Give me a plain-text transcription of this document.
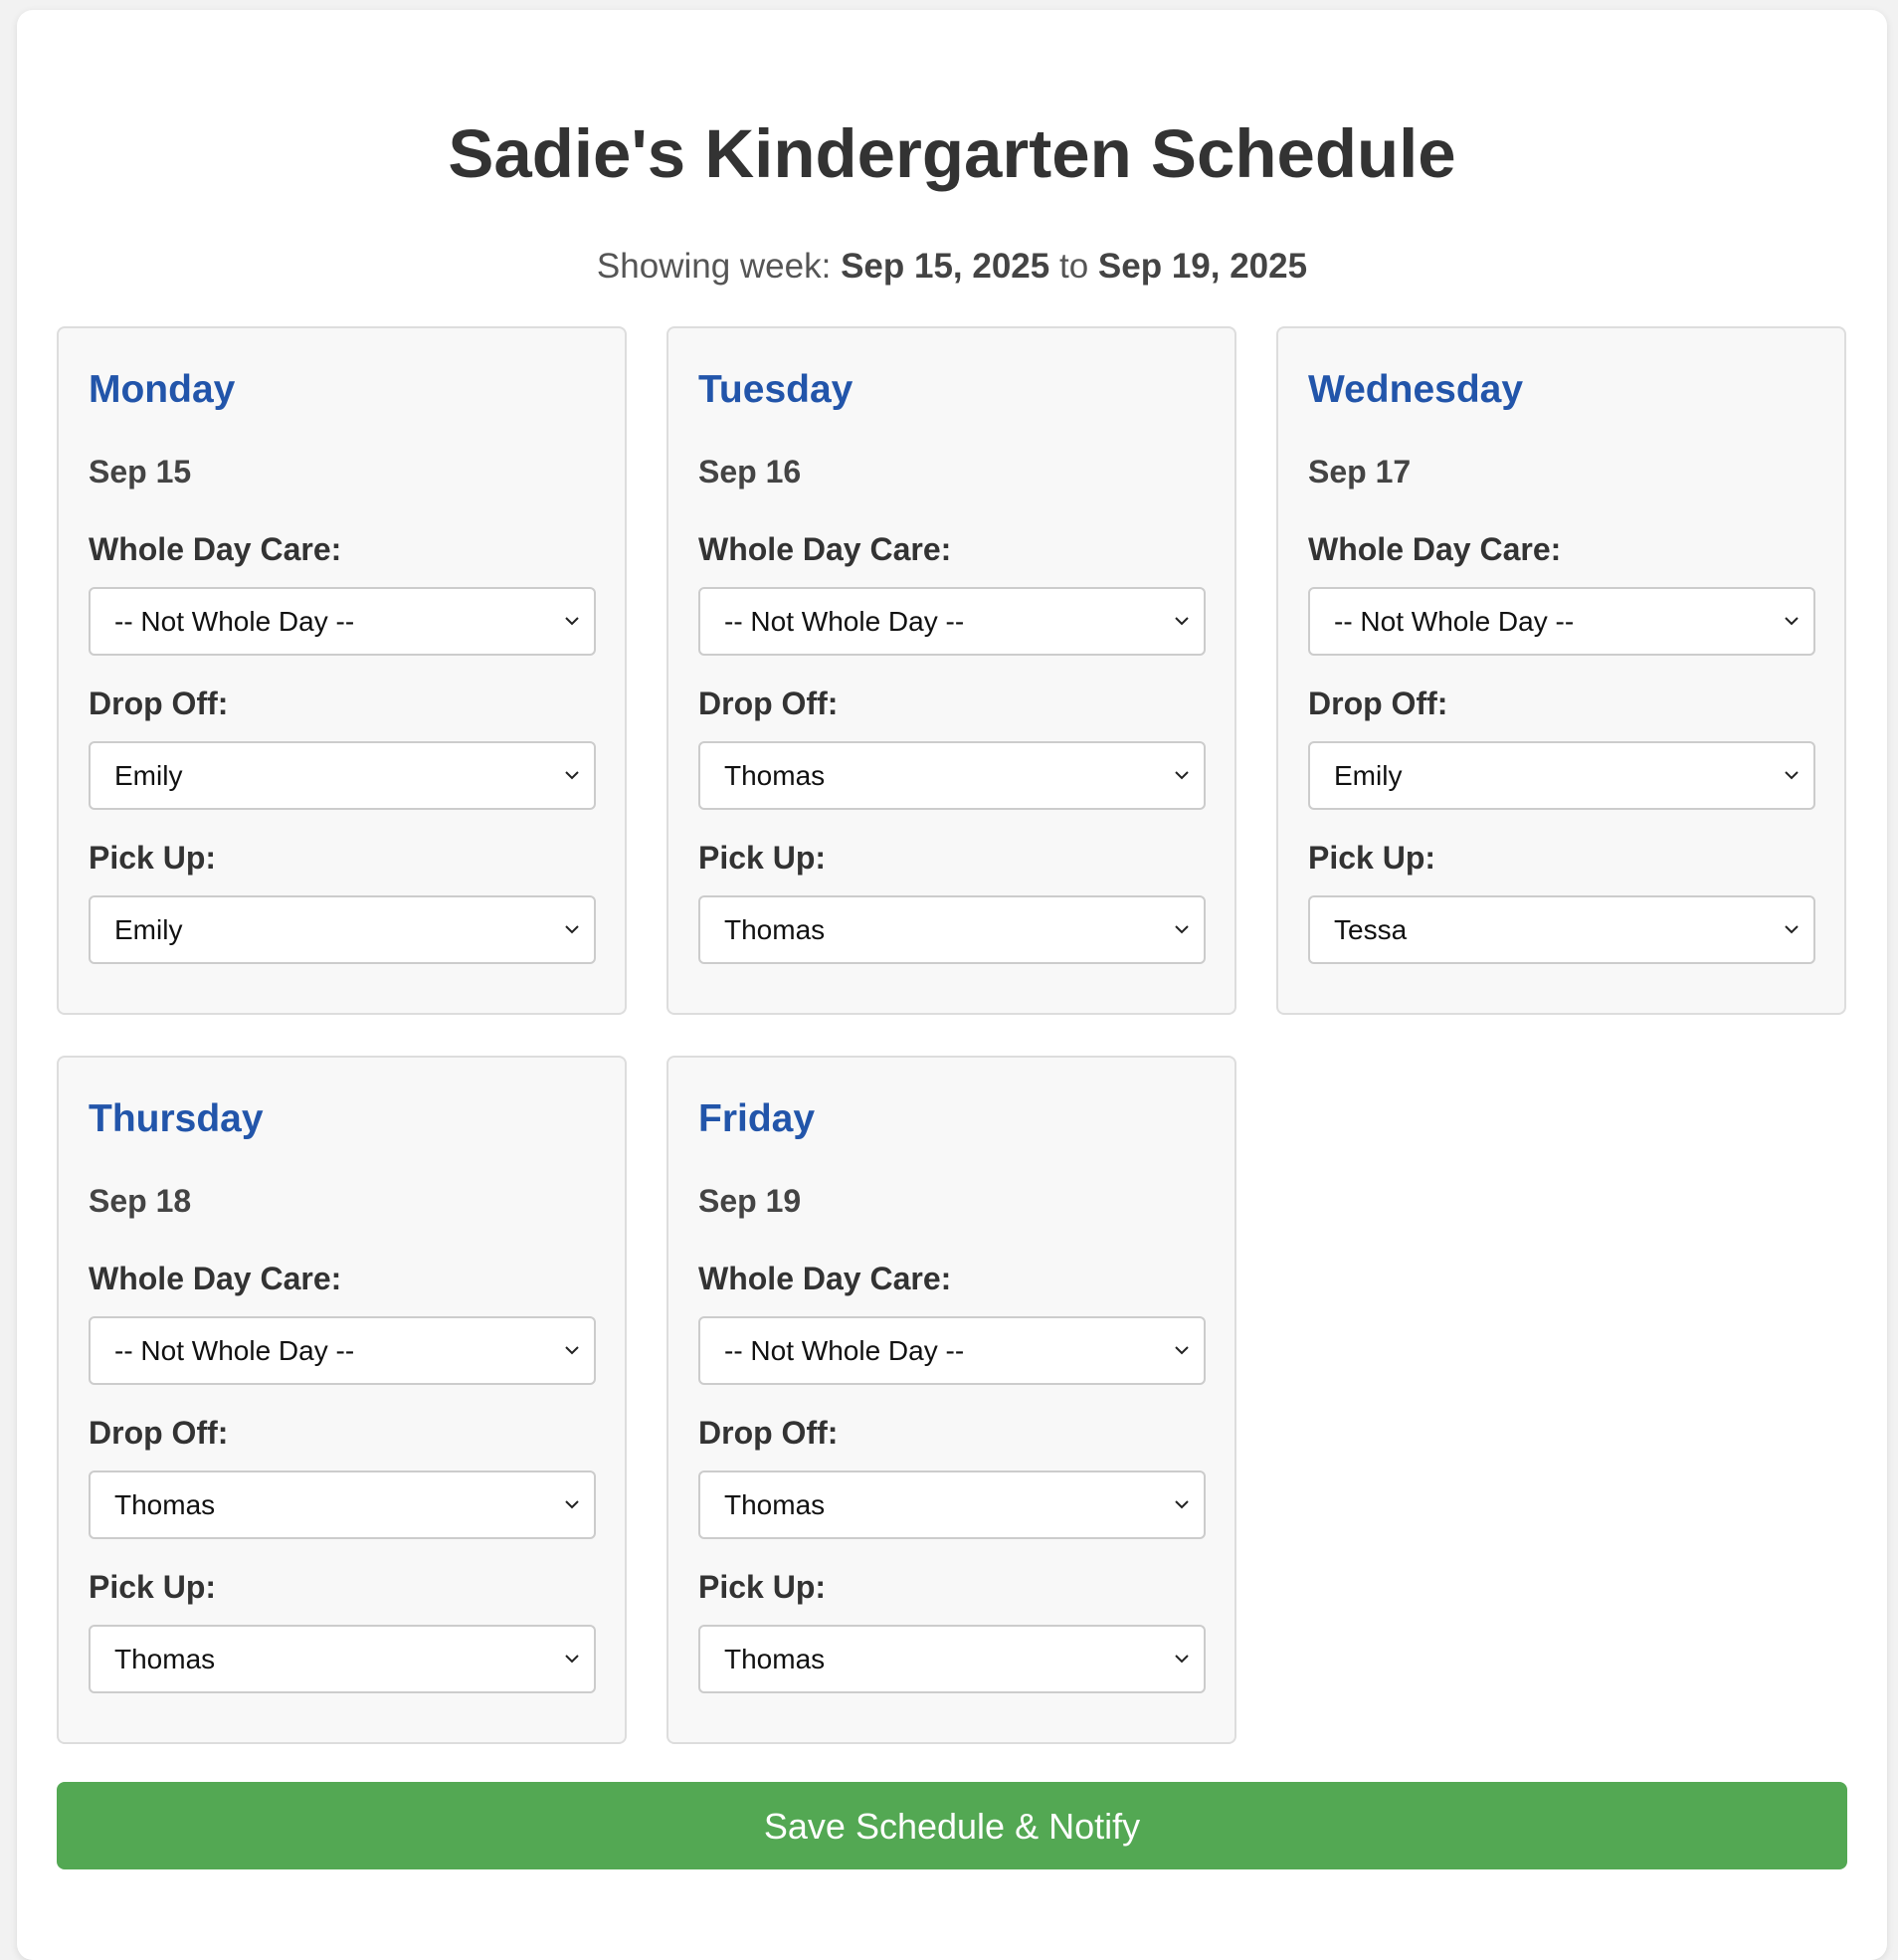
Sadie's Kindergarten Schedule
Showing week: Sep 15, 2025 to Sep 19, 2025
Monday
Sep 15
Whole Day Care:
-- Not Whole Day --
Drop Off:
Emily
Pick Up:
Emily
Tuesday
Sep 16
Whole Day Care:
-- Not Whole Day --
Drop Off:
Thomas
Pick Up:
Thomas
Wednesday
Sep 17
Whole Day Care:
-- Not Whole Day --
Drop Off:
Emily
Pick Up:
Tessa
Thursday
Sep 18
Whole Day Care:
-- Not Whole Day --
Drop Off:
Thomas
Pick Up:
Thomas
Friday
Sep 19
Whole Day Care:
-- Not Whole Day --
Drop Off:
Thomas
Pick Up:
Thomas
Save Schedule & Notify
